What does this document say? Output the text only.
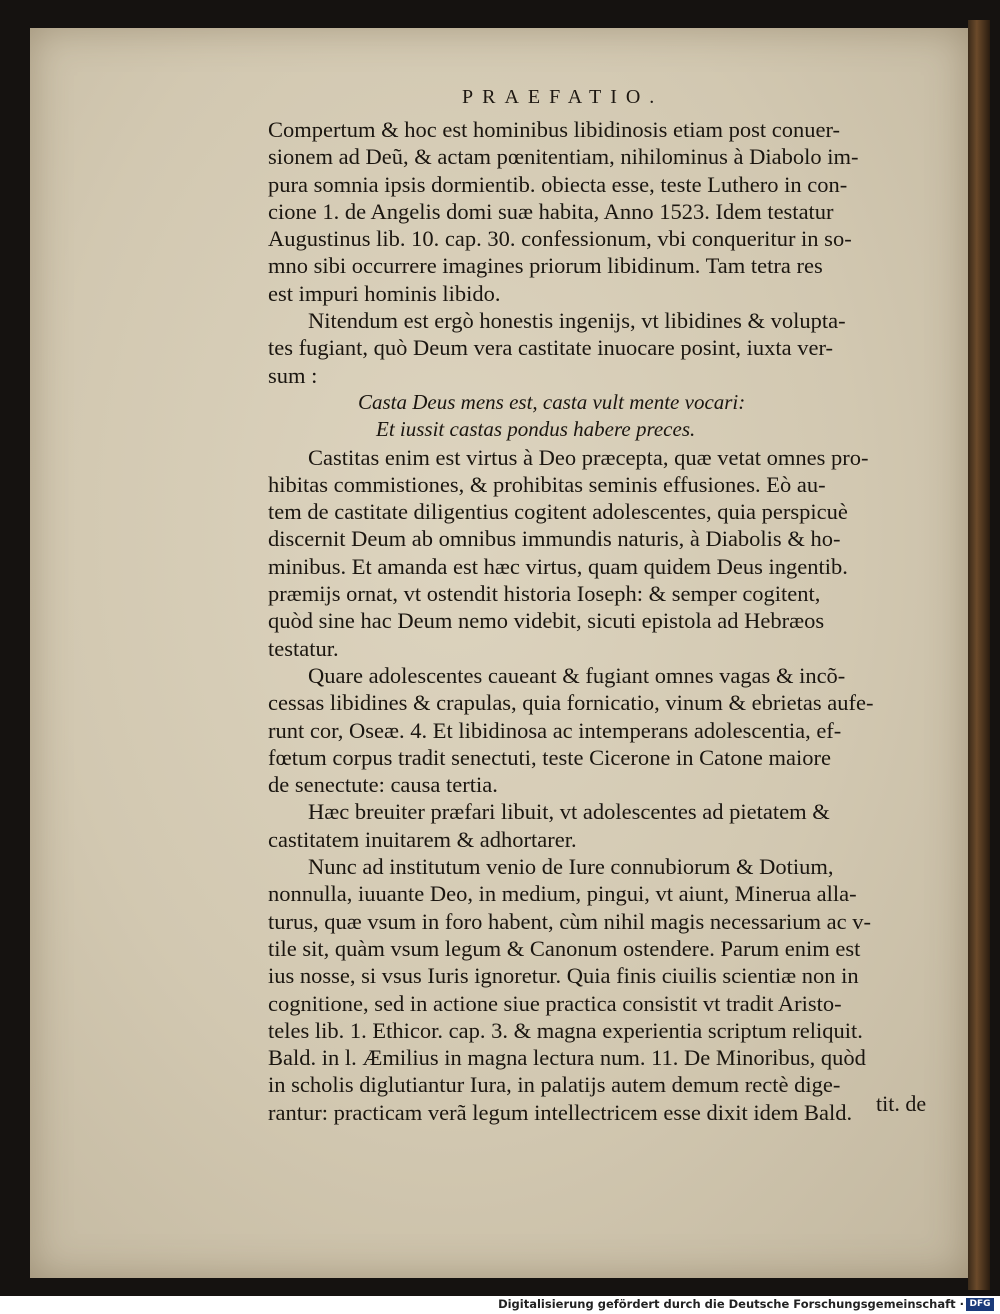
PRAEFATIO.
Compertum & hoc est hominibus libidinosis etiam post conuer-
sionem ad Deũ, & actam pœnitentiam, nihilominus à Diabolo im-
pura somnia ipsis dormientib. obiecta esse, teste Luthero in con-
cione 1. de Angelis domi suæ habita, Anno 1523. Idem testatur
Augustinus lib. 10. cap. 30. confessionum, vbi conqueritur in so-
mno sibi occurrere imagines priorum libidinum. Tam tetra res
est impuri hominis libido.
Nitendum est ergò honestis ingenijs, vt libidines & volupta-
tes fugiant, quò Deum vera castitate inuocare posint, iuxta ver-
sum :
Casta Deus mens est, casta vult mente vocari:
Et iussit castas pondus habere preces.
Castitas enim est virtus à Deo præcepta, quæ vetat omnes pro-
hibitas commistiones, & prohibitas seminis effusiones. Eò au-
tem de castitate diligentius cogitent adolescentes, quia perspicuè
discernit Deum ab omnibus immundis naturis, à Diabolis & ho-
minibus. Et amanda est hæc virtus, quam quidem Deus ingentib.
præmijs ornat, vt ostendit historia Ioseph: & semper cogitent,
quòd sine hac Deum nemo videbit, sicuti epistola ad Hebræos
testatur.
Quare adolescentes caueant & fugiant omnes vagas & incõ-
cessas libidines & crapulas, quia fornicatio, vinum & ebrietas aufe-
runt cor, Oseæ. 4. Et libidinosa ac intemperans adolescentia, ef-
fœtum corpus tradit senectuti, teste Cicerone in Catone maiore
de senectute: causa tertia.
Hæc breuiter præfari libuit, vt adolescentes ad pietatem &
castitatem inuitarem & adhortarer.
Nunc ad institutum venio de Iure connubiorum & Dotium,
nonnulla, iuuante Deo, in medium, pingui, vt aiunt, Minerua alla-
turus, quæ vsum in foro habent, cùm nihil magis necessarium ac v-
tile sit, quàm vsum legum & Canonum ostendere. Parum enim est
ius nosse, si vsus Iuris ignoretur. Quia finis ciuilis scientiæ non in
cognitione, sed in actione siue practica consistit vt tradit Aristo-
teles lib. 1. Ethicor. cap. 3. & magna experientia scriptum reliquit.
Bald. in l. Æmilius in magna lectura num. 11. De Minoribus, quòd
in scholis diglutiantur Iura, in palatijs autem demum rectè dige-
rantur: practicam verã legum intellectricem esse dixit idem Bald.	tit. de
Digitalisierung gefördert durch die Deutsche Forschungsgemeinschaft · DFG
